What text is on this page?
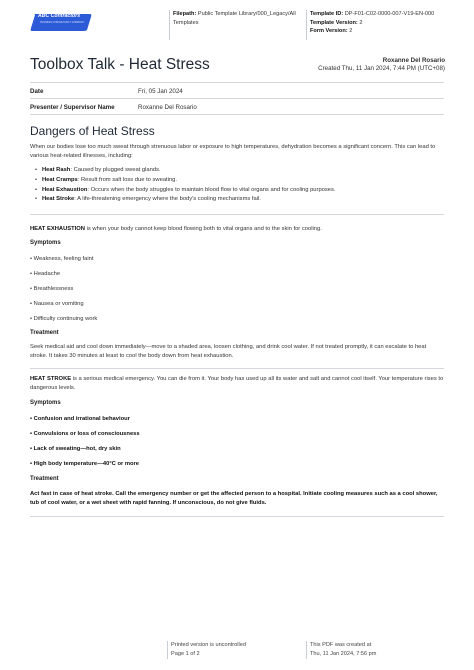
ABC Contractors
TRAINING CONSULTANCY COMPANY
Filepath: Public Template Library/000_Legacy/All Templates
Template ID: DP-F01-C02-0000-007-V19-EN-000
Template Version: 2
Form Version: 2
Toolbox Talk - Heat Stress	Roxanne Del Rosario
Created Thu, 11 Jan 2024, 7:44 PM (UTC+08)
Date	Fri, 05 Jan 2024
Presenter / Supervisor Name	Roxanne Del Rosario
Dangers of Heat Stress
When our bodies lose too much sweat through strenuous labor or exposure to high temperatures, dehydration becomes a significant concern. This can lead to various heat-related illnesses, including:
• Heat Rash: Caused by plugged sweat glands.
• Heat Cramps: Result from salt loss due to sweating.
• Heat Exhaustion: Occurs when the body struggles to maintain blood flow to vital organs and for cooling purposes.
• Heat Stroke: A life-threatening emergency where the body's cooling mechanisms fail.
HEAT EXHAUSTION is when your body cannot keep blood flowing both to vital organs and to the skin for cooling.
Symptoms
• Weakness, feeling faint
• Headache
• Breathlessness
• Nausea or vomiting
• Difficulty continuing work
Treatment
Seek medical aid and cool down immediately—move to a shaded area, loosen clothing, and drink cool water. If not treated promptly, it can escalate to heat stroke. It takes 30 minutes at least to cool the body down from heat exhaustion.
HEAT STROKE is a serious medical emergency. You can die from it. Your body has used up all its water and salt and cannot cool itself. Your temperature rises to dangerous levels.
Symptoms
• Confusion and irrational behaviour
• Convulsions or loss of consciousness
• Lack of sweating—hot, dry skin
• High body temperature—40°C or more
Treatment
Act fast in case of heat stroke. Call the emergency number or get the affected person to a hospital. Initiate cooling measures such as a cool shower, tub of cool water, or a wet sheet with rapid fanning. If unconscious, do not give fluids.
Printed version is uncontrolled
Page 1 of 2
This PDF was created at
Thu, 11 Jan 2024, 7:56 pm
